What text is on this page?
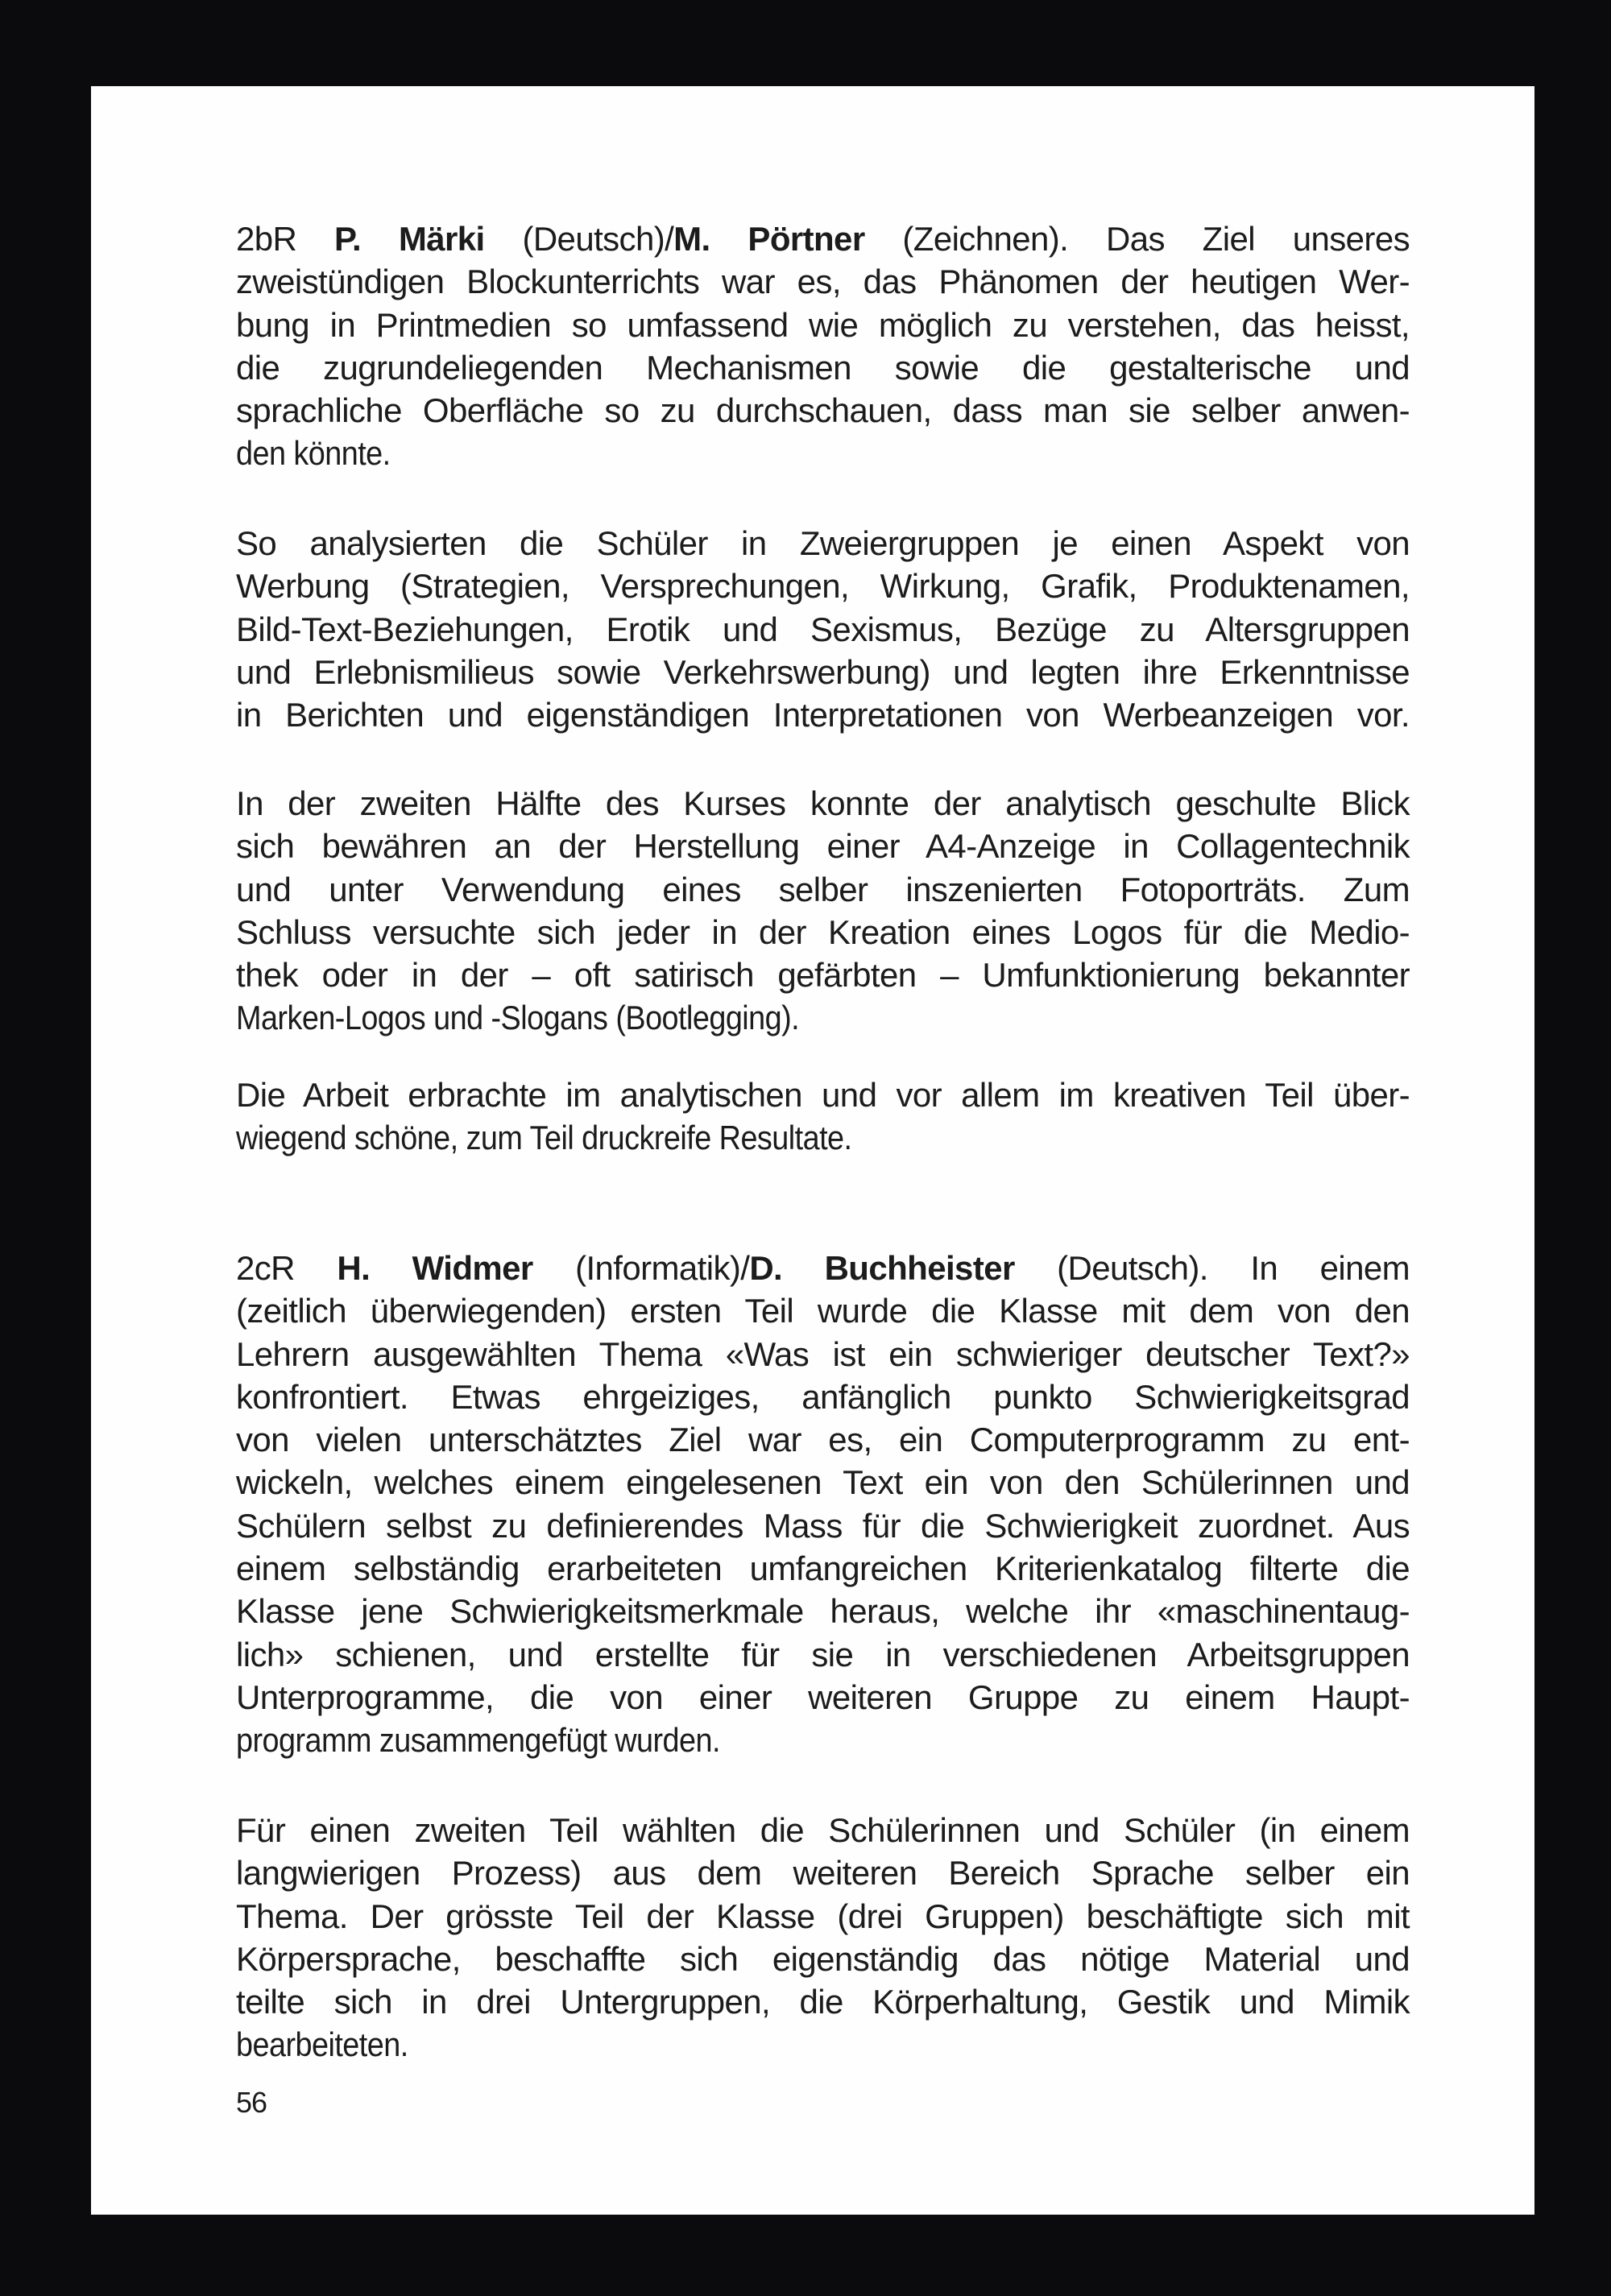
2bR P. Märki (Deutsch)/M. Pörtner (Zeichnen). Das Ziel unseres
zweistündigen Blockunterrichts war es, das Phänomen der heutigen Wer-
bung in Printmedien so umfassend wie möglich zu verstehen, das heisst,
die zugrundeliegenden Mechanismen sowie die gestalterische und
sprachliche Oberfläche so zu durchschauen, dass man sie selber anwen-
den könnte.
So analysierten die Schüler in Zweiergruppen je einen Aspekt von
Werbung (Strategien, Versprechungen, Wirkung, Grafik, Produktenamen,
Bild-Text-Beziehungen, Erotik und Sexismus, Bezüge zu Altersgruppen
und Erlebnismilieus sowie Verkehrswerbung) und legten ihre Erkenntnisse
in Berichten und eigenständigen Interpretationen von Werbeanzeigen vor.
In der zweiten Hälfte des Kurses konnte der analytisch geschulte Blick
sich bewähren an der Herstellung einer A4-Anzeige in Collagentechnik
und unter Verwendung eines selber inszenierten Fotoporträts. Zum
Schluss versuchte sich jeder in der Kreation eines Logos für die Medio-
thek oder in der – oft satirisch gefärbten – Umfunktionierung bekannter
Marken-Logos und -Slogans (Bootlegging).
Die Arbeit erbrachte im analytischen und vor allem im kreativen Teil über-
wiegend schöne, zum Teil druckreife Resultate.
2cR H. Widmer (Informatik)/D. Buchheister (Deutsch). In einem
(zeitlich überwiegenden) ersten Teil wurde die Klasse mit dem von den
Lehrern ausgewählten Thema «Was ist ein schwieriger deutscher Text?»
konfrontiert. Etwas ehrgeiziges, anfänglich punkto Schwierigkeitsgrad
von vielen unterschätztes Ziel war es, ein Computerprogramm zu ent-
wickeln, welches einem eingelesenen Text ein von den Schülerinnen und
Schülern selbst zu definierendes Mass für die Schwierigkeit zuordnet. Aus
einem selbständig erarbeiteten umfangreichen Kriterienkatalog filterte die
Klasse jene Schwierigkeitsmerkmale heraus, welche ihr «maschinentaug-
lich» schienen, und erstellte für sie in verschiedenen Arbeitsgruppen
Unterprogramme, die von einer weiteren Gruppe zu einem Haupt-
programm zusammengefügt wurden.
Für einen zweiten Teil wählten die Schülerinnen und Schüler (in einem
langwierigen Prozess) aus dem weiteren Bereich Sprache selber ein
Thema. Der grösste Teil der Klasse (drei Gruppen) beschäftigte sich mit
Körpersprache, beschaffte sich eigenständig das nötige Material und
teilte sich in drei Untergruppen, die Körperhaltung, Gestik und Mimik
bearbeiteten.
56
